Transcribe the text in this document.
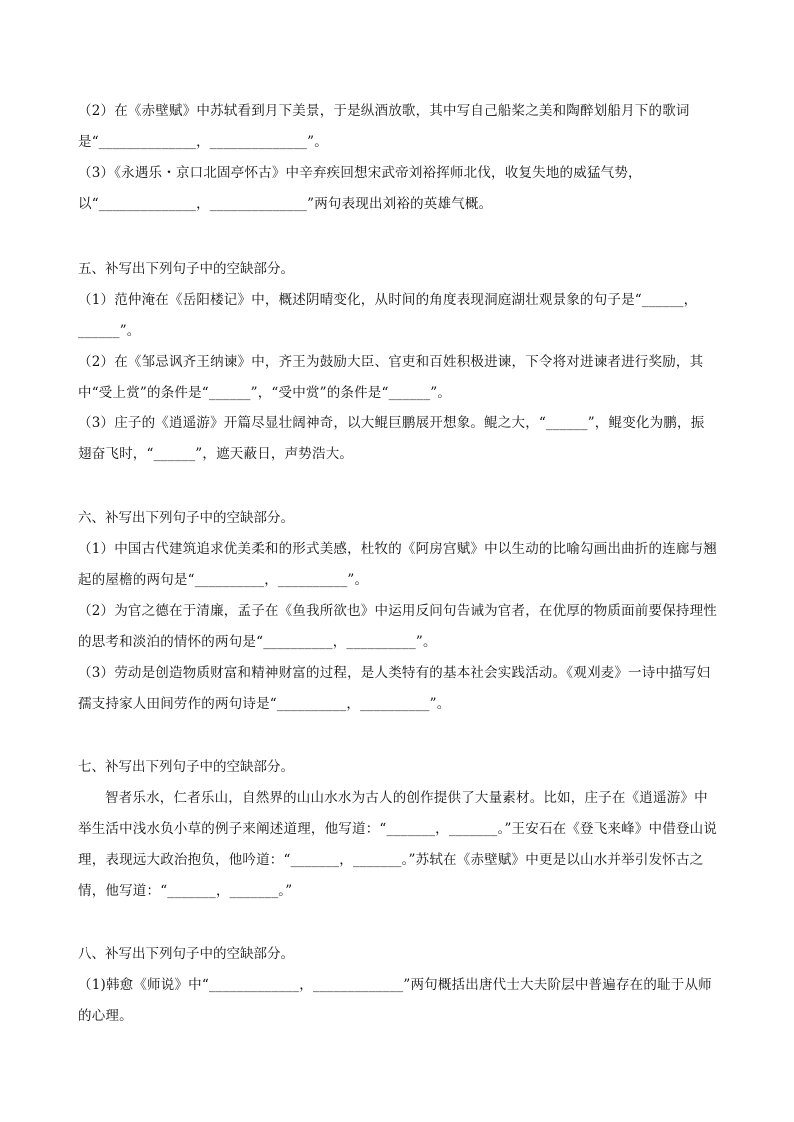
（2）在《赤壁赋》中苏轼看到月下美景，于是纵酒放歌，其中写自己船桨之美和陶醉划船月下的歌词是“______________，______________”。

（3）《永遇乐・京口北固亭怀古》中辛弃疾回想宋武帝刘裕挥师北伐，收复失地的威猛气势，以“______________，______________”两句表现出刘裕的英雄气概。

五、补写出下列句子中的空缺部分。

（1）范仲淹在《岳阳楼记》中，概述阴晴变化，从时间的角度表现洞庭湖壮观景象的句子是“______，______”。

（2）在《邹忌讽齐王纳谏》中，齐王为鼓励大臣、官吏和百姓积极进谏，下令将对进谏者进行奖励，其中“受上赏”的条件是“______”，“受中赏”的条件是“______”。

（3）庄子的《逍遥游》开篇尽显壮阔神奇，以大鲲巨鹏展开想象。鲲之大，“______”，鲲变化为鹏，振翅奋飞时，“______”，遮天蔽日，声势浩大。

六、补写出下列句子中的空缺部分。

（1）中国古代建筑追求优美柔和的形式美感，杜牧的《阿房宫赋》中以生动的比喻勾画出曲折的连廊与翘起的屋檐的两句是“__________，__________”。

（2）为官之德在于清廉，孟子在《鱼我所欲也》中运用反问句告诫为官者，在优厚的物质面前要保持理性的思考和淡泊的情怀的两句是“__________，__________”。

（3）劳动是创造物质财富和精神财富的过程，是人类特有的基本社会实践活动。《观刈麦》一诗中描写妇孺支持家人田间劳作的两句诗是“__________，__________”。

七、补写出下列句子中的空缺部分。

智者乐水，仁者乐山，自然界的山山水水为古人的创作提供了大量素材。比如，庄子在《逍遥游》中举生活中浅水负小草的例子来阐述道理，他写道：“_______，_______。”王安石在《登飞来峰》中借登山说理，表现远大政治抱负，他吟道：“_______，_______。”苏轼在《赤壁赋》中更是以山水并举引发怀古之情，他写道：“_______，_______。”

八、补写出下列句子中的空缺部分。

（1)韩愈《师说》中“_____________，_____________”两句概括出唐代士大夫阶层中普遍存在的耻于从师的心理。
